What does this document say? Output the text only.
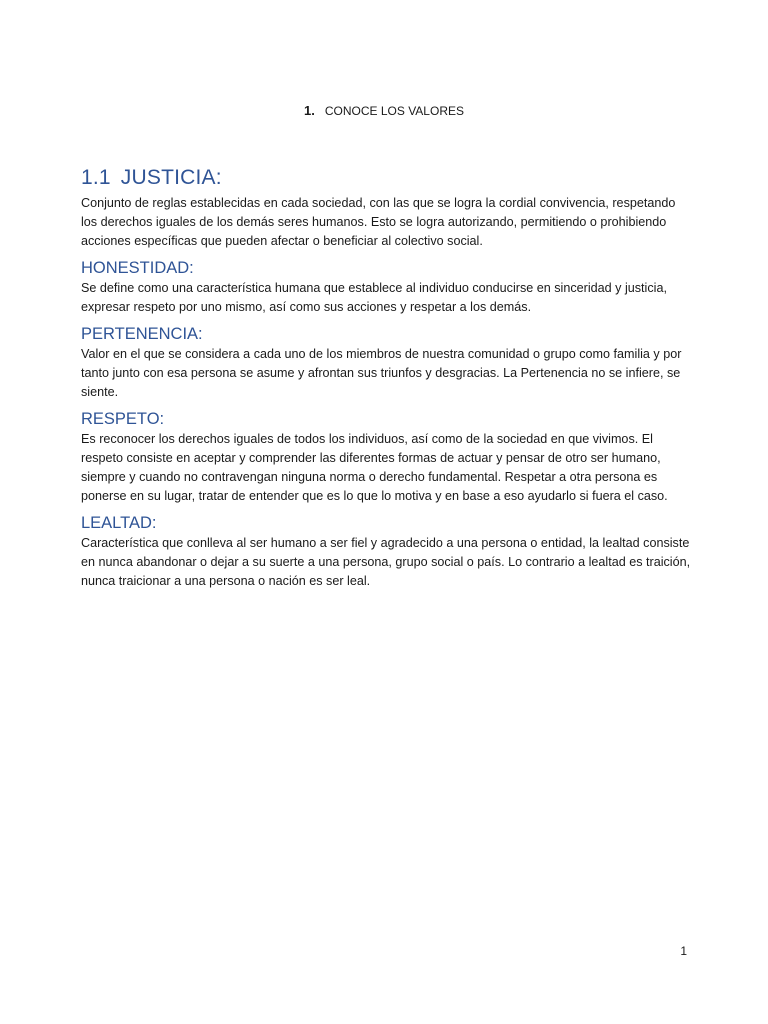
1. CONOCE LOS VALORES
1.1 JUSTICIA:

Conjunto de reglas establecidas en cada sociedad, con las que se logra la cordial convivencia, respetando los derechos iguales de los demás seres humanos. Esto se logra autorizando, permitiendo o prohibiendo acciones específicas que pueden afectar o beneficiar al colectivo social.

HONESTIDAD:

Se define como una característica humana que establece al individuo conducirse en sinceridad y justicia, expresar respeto por uno mismo, así como sus acciones y respetar a los demás.

PERTENENCIA:

Valor en el que se considera a cada uno de los miembros de nuestra comunidad o grupo como familia y por tanto junto con esa persona se asume y afrontan sus triunfos y desgracias. La Pertenencia no se infiere, se siente.

RESPETO:

Es reconocer los derechos iguales de todos los individuos, así como de la sociedad en que vivimos. El respeto consiste en aceptar y comprender las diferentes formas de actuar y pensar de otro ser humano, siempre y cuando no contravengan ninguna norma o derecho fundamental. Respetar a otra persona es ponerse en su lugar, tratar de entender que es lo que lo motiva y en base a eso ayudarlo si fuera el caso.

LEALTAD:

Característica que conlleva al ser humano a ser fiel y agradecido a una persona o entidad, la lealtad consiste en nunca abandonar o dejar a su suerte a una persona, grupo social o país. Lo contrario a lealtad es traición, nunca traicionar a una persona o nación es ser leal.

1
